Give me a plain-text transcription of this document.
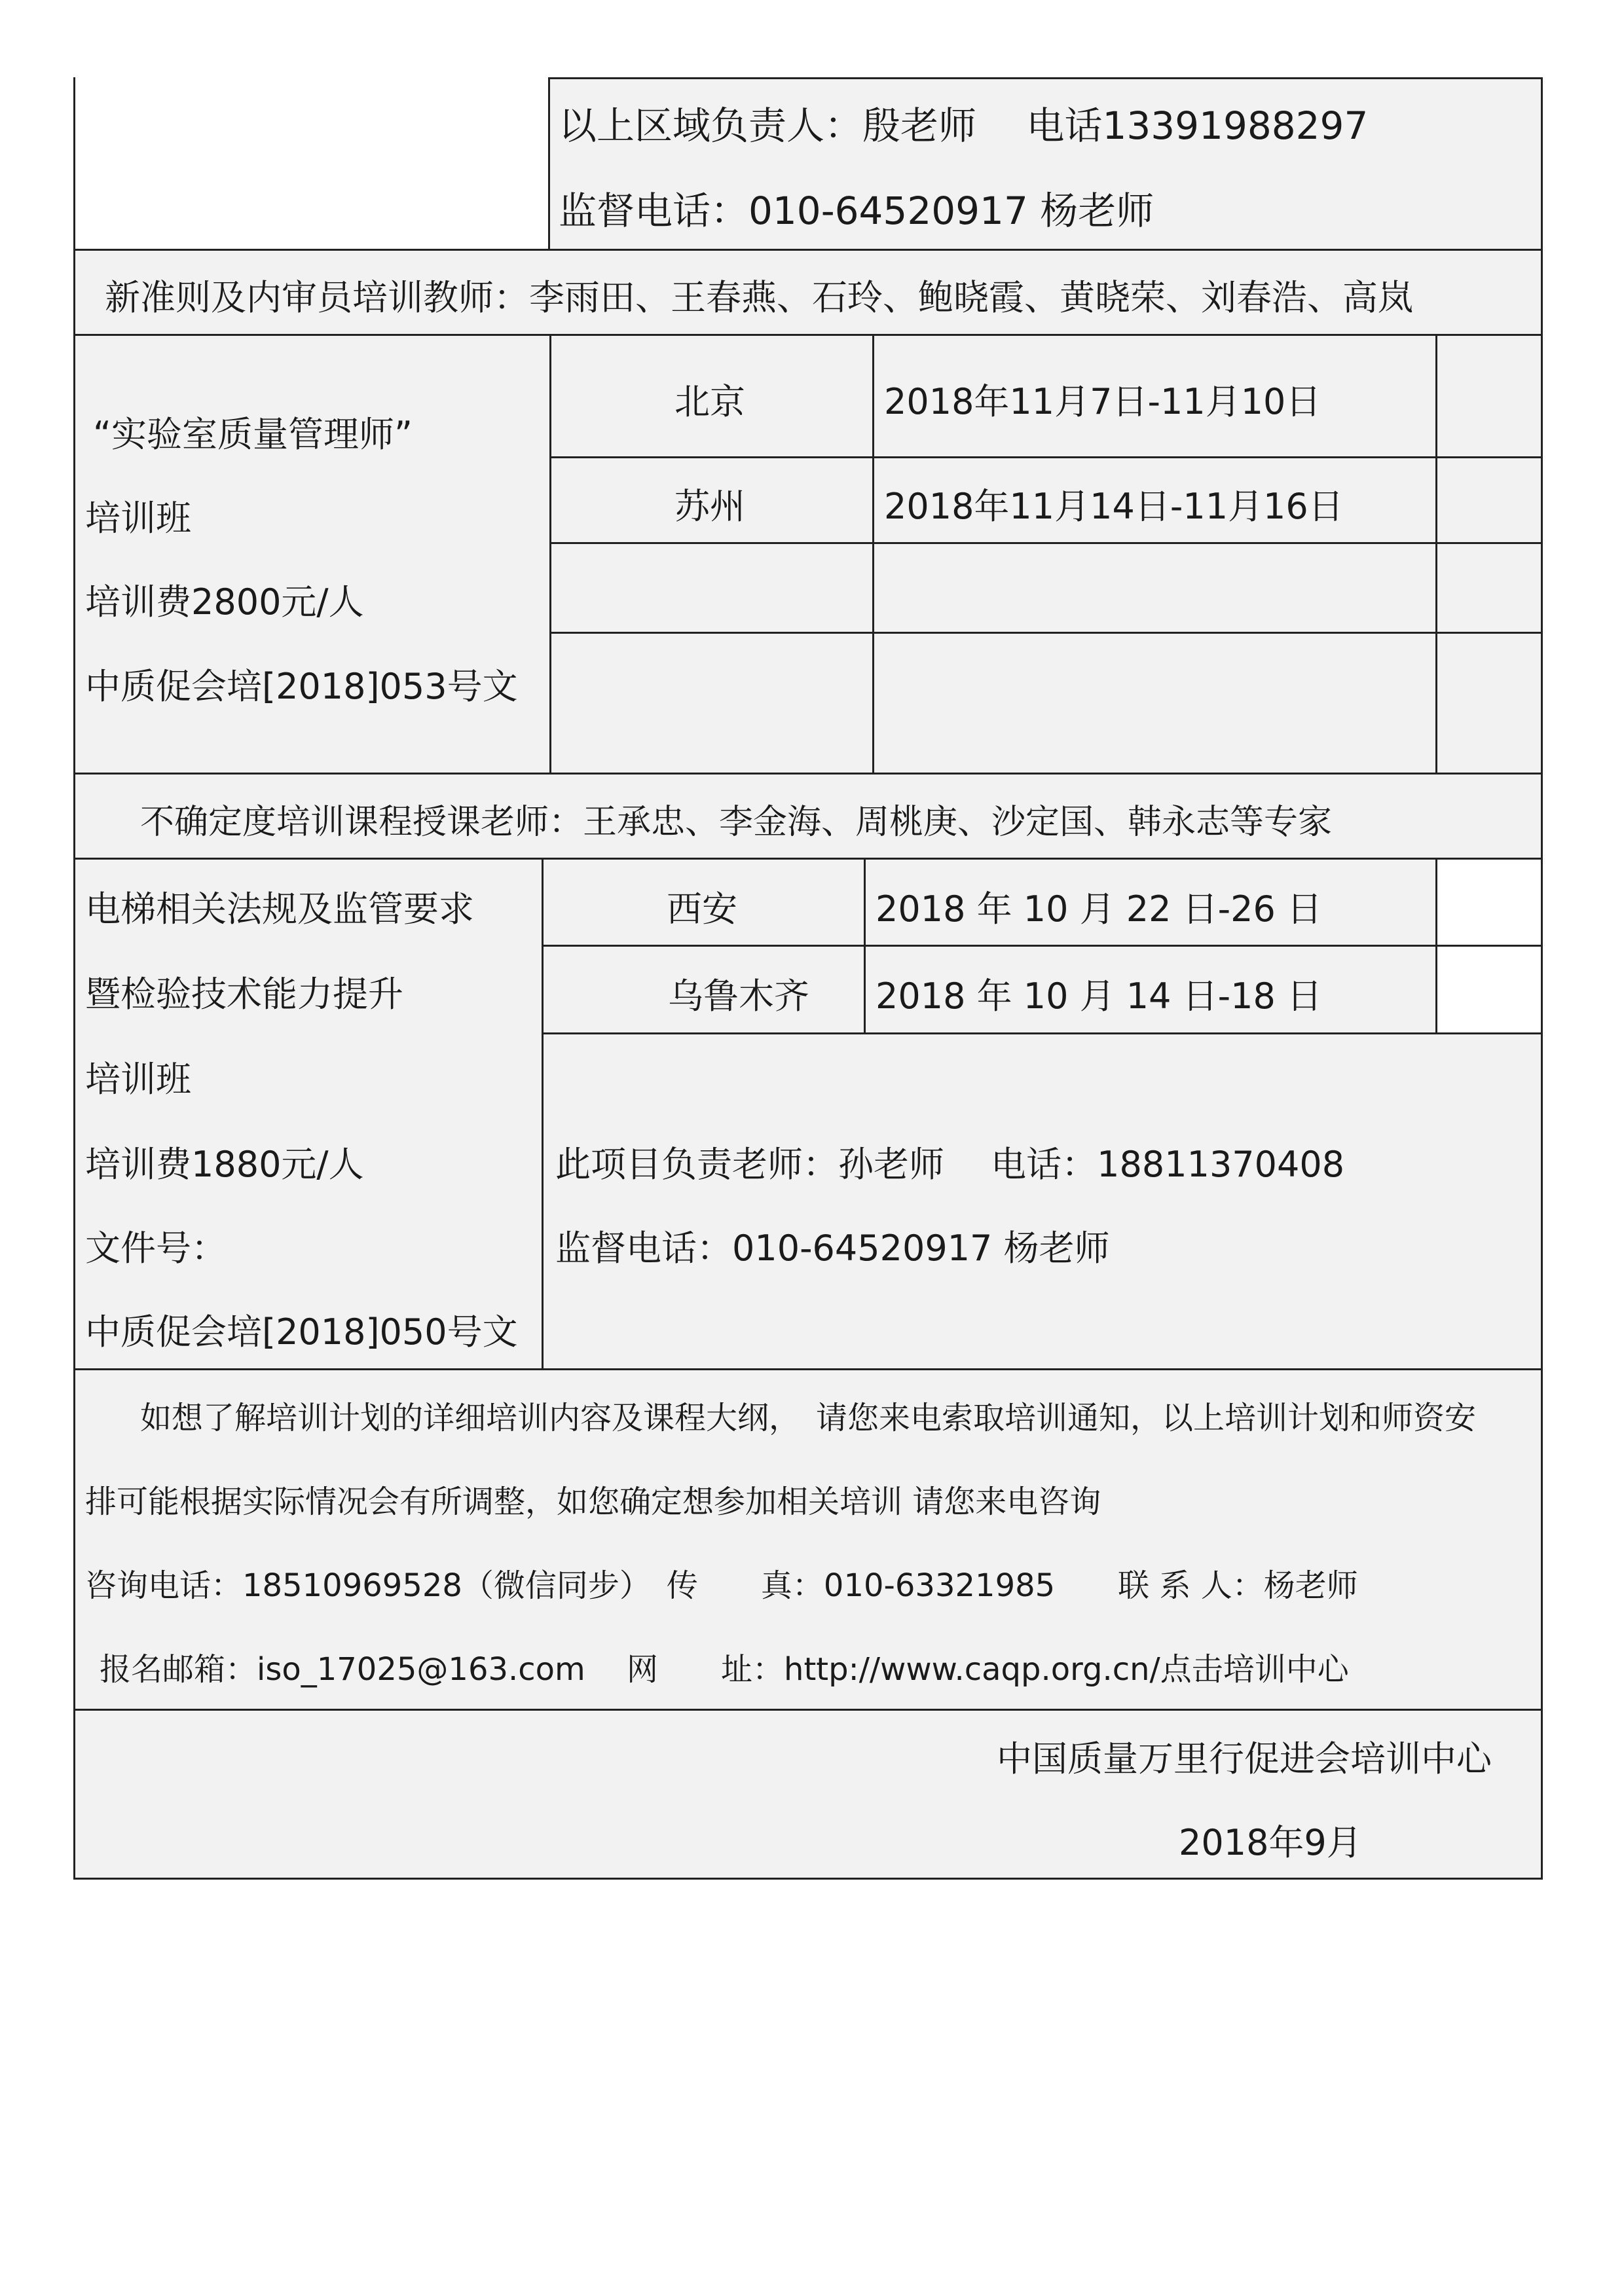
以上区域负责人：殷老师　 电话13391988297
监督电话：010-64520917 杨老师
新准则及内审员培训教师：李雨田、王春燕、石玲、鲍晓霞、黄晓荣、刘春浩、高岚
“实验室质量管理师”
培训班
培训费2800元/人
中质促会培[2018]053号文
北京	2018年11月7日-11月10日
苏州	2018年11月14日-11月16日
不确定度培训课程授课老师：王承忠、李金海、周桃庚、沙定国、韩永志等专家
电梯相关法规及监管要求
暨检验技术能力提升
培训班
培训费1880元/人
文件号：
中质促会培[2018]050号文
西安	2018 年 10 月 22 日-26 日
乌鲁木齐 2018 年 10 月 14 日-18 日
此项目负责老师：孙老师　 电话：18811370408
监督电话：010-64520917 杨老师
如想了解培训计划的详细培训内容及课程大纲，　请您来电索取培训通知，以上培训计划和师资安
排可能根据实际情况会有所调整，如您确定想参加相关培训 请您来电咨询
咨询电话：18510969528（微信同步）　传　　真：010-63321985　　联 系 人：杨老师
报名邮箱：iso_17025@163.com　 网　　址：http://www.caqp.org.cn/点击培训中心
中国质量万里行促进会培训中心
2018年9月
